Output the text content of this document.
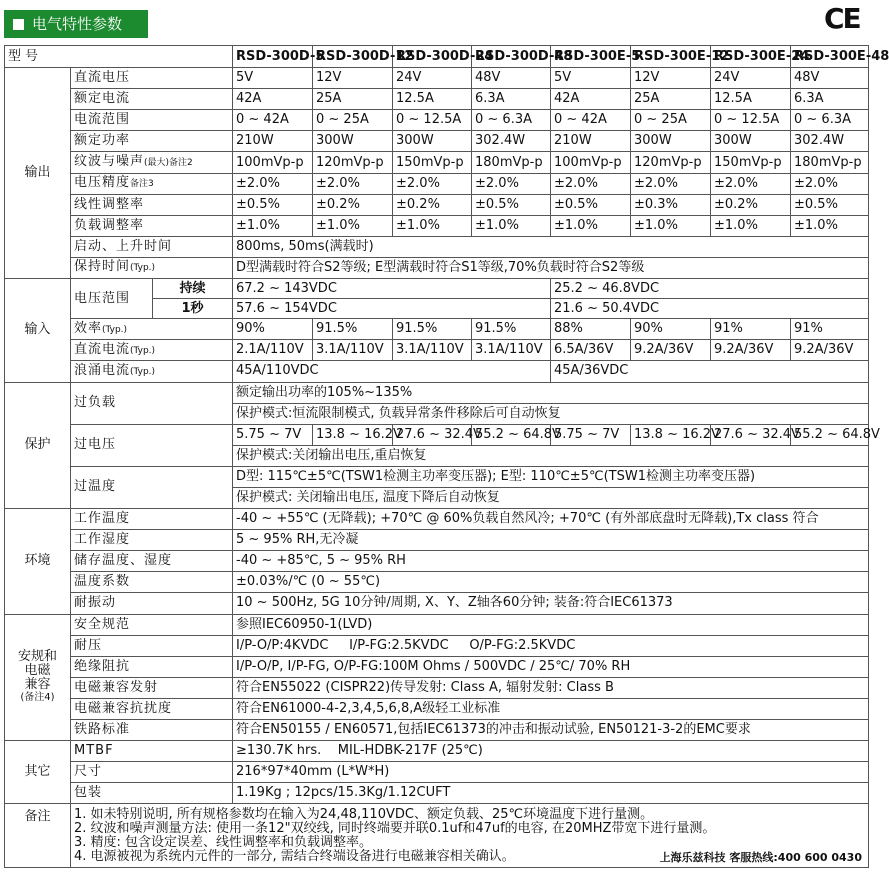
电气特性参数	CE
型号			RSD-300D-5	RSD-300D-12	RSD-300D-24	RSD-300D-48	RSD-300E-5	RSD-300E-12	RSD-300E-24	RSD-300E-48
输出	直流电压		5V	12V	24V	48V	5V	12V	24V	48V
	额定电流		42A	25A	12.5A	6.3A	42A	25A	12.5A	6.3A
	电流范围		0 ~ 42A	0 ~ 25A	0 ~ 12.5A	0 ~ 6.3A	0 ~ 42A	0 ~ 25A	0 ~ 12.5A	0 ~ 6.3A
	额定功率		210W	300W	300W	302.4W	210W	300W	300W	302.4W
	纹波与噪声(最大)备注2		100mVp-p	120mVp-p	150mVp-p	180mVp-p	100mVp-p	120mVp-p	150mVp-p	180mVp-p
	电压精度备注3		±2.0%	±2.0%	±2.0%	±2.0%	±2.0%	±2.0%	±2.0%	±2.0%
	线性调整率		±0.5%	±0.2%	±0.2%	±0.5%	±0.5%	±0.3%	±0.2%	±0.5%
	负载调整率		±1.0%	±1.0%	±1.0%	±1.0%	±1.0%	±1.0%	±1.0%	±1.0%
	启动、上升时间		800ms, 50ms(满载时)							
	保持时间(Typ.)		D型满载时符合S2等级; E型满载时符合S1等级,70%负载时符合S2等级							
输入	电压范围	持续	67.2 ~ 143VDC				25.2 ~ 46.8VDC			
		1秒	57.6 ~ 154VDC				21.6 ~ 50.4VDC			
	效率(Typ.)		90%	91.5%	91.5%	91.5%	88%	90%	91%	91%
	直流电流(Typ.)		2.1A/110V	3.1A/110V	3.1A/110V	3.1A/110V	6.5A/36V	9.2A/36V	9.2A/36V	9.2A/36V
	浪涌电流(Typ.)		45A/110VDC				45A/36VDC			
保护	过负载		额定输出功率的105%~135%							
			保护模式:恒流限制模式, 负载异常条件移除后可自动恢复							
	过电压		5.75 ~ 7V	13.8 ~ 16.2V	27.6 ~ 32.4V	55.2 ~ 64.8V	5.75 ~ 7V	13.8 ~ 16.2V	27.6 ~ 32.4V	55.2 ~ 64.8V
			保护模式:关闭输出电压,重启恢复							
	过温度		D型: 115℃±5℃(TSW1检测主功率变压器); E型: 110℃±5℃(TSW1检测主功率变压器)							
			保护模式: 关闭输出电压, 温度下降后自动恢复							
环境	工作温度		-40 ~ +55℃ (无降载); +70℃ @ 60%负载自然风冷; +70℃ (有外部底盘时无降载),Tx class 符合							
	工作湿度		5 ~ 95% RH,无冷凝							
	储存温度、湿度		-40 ~ +85℃, 5 ~ 95% RH							
	温度系数		±0.03%/℃ (0 ~ 55℃)							
	耐振动		10 ~ 500Hz, 5G 10分钟/周期, X、Y、Z轴各60分钟; 装备:符合IEC61373							

安规和
电磁
兼容
(备注4)	安全规范		参照IEC60950-1(LVD)							
	耐压		I/P-O/P:4KVDC     I/P-FG:2.5KVDC     O/P-FG:2.5KVDC							
	绝缘阻抗		I/P-O/P, I/P-FG, O/P-FG:100M Ohms / 500VDC / 25℃/ 70% RH							
	电磁兼容发射		符合EN55022 (CISPR22)传导发射: Class A, 辐射发射: Class B							
	电磁兼容抗扰度		符合EN61000-4-2,3,4,5,6,8,A级轻工业标准							
	铁路标准		符合EN50155 / EN60571,包括IEC61373的冲击和振动试验, EN50121-3-2的EMC要求							
其它	MTBF		≥130.7K hrs.    MIL-HDBK-217F (25℃)							
	尺寸		216*97*40mm (L*W*H)							
	包装		1.19Kg ; 12pcs/15.3Kg/1.12CUFT							
备注	1. 如未特别说明, 所有规格参数均在输入为24,48,110VDC、额定负载、25℃环境温度下进行量测。
2. 纹波和噪声测量方法: 使用一条12"双绞线, 同时终端要并联0.1uf和47uf的电容, 在20MHZ带宽下进行量测。
3. 精度: 包含设定误差、线性调整率和负载调整率。
4. 电源被视为系统内元件的一部分, 需结合终端设备进行电磁兼容相关确认。 上海乐兹科技 客服热线:400 600 0430									
